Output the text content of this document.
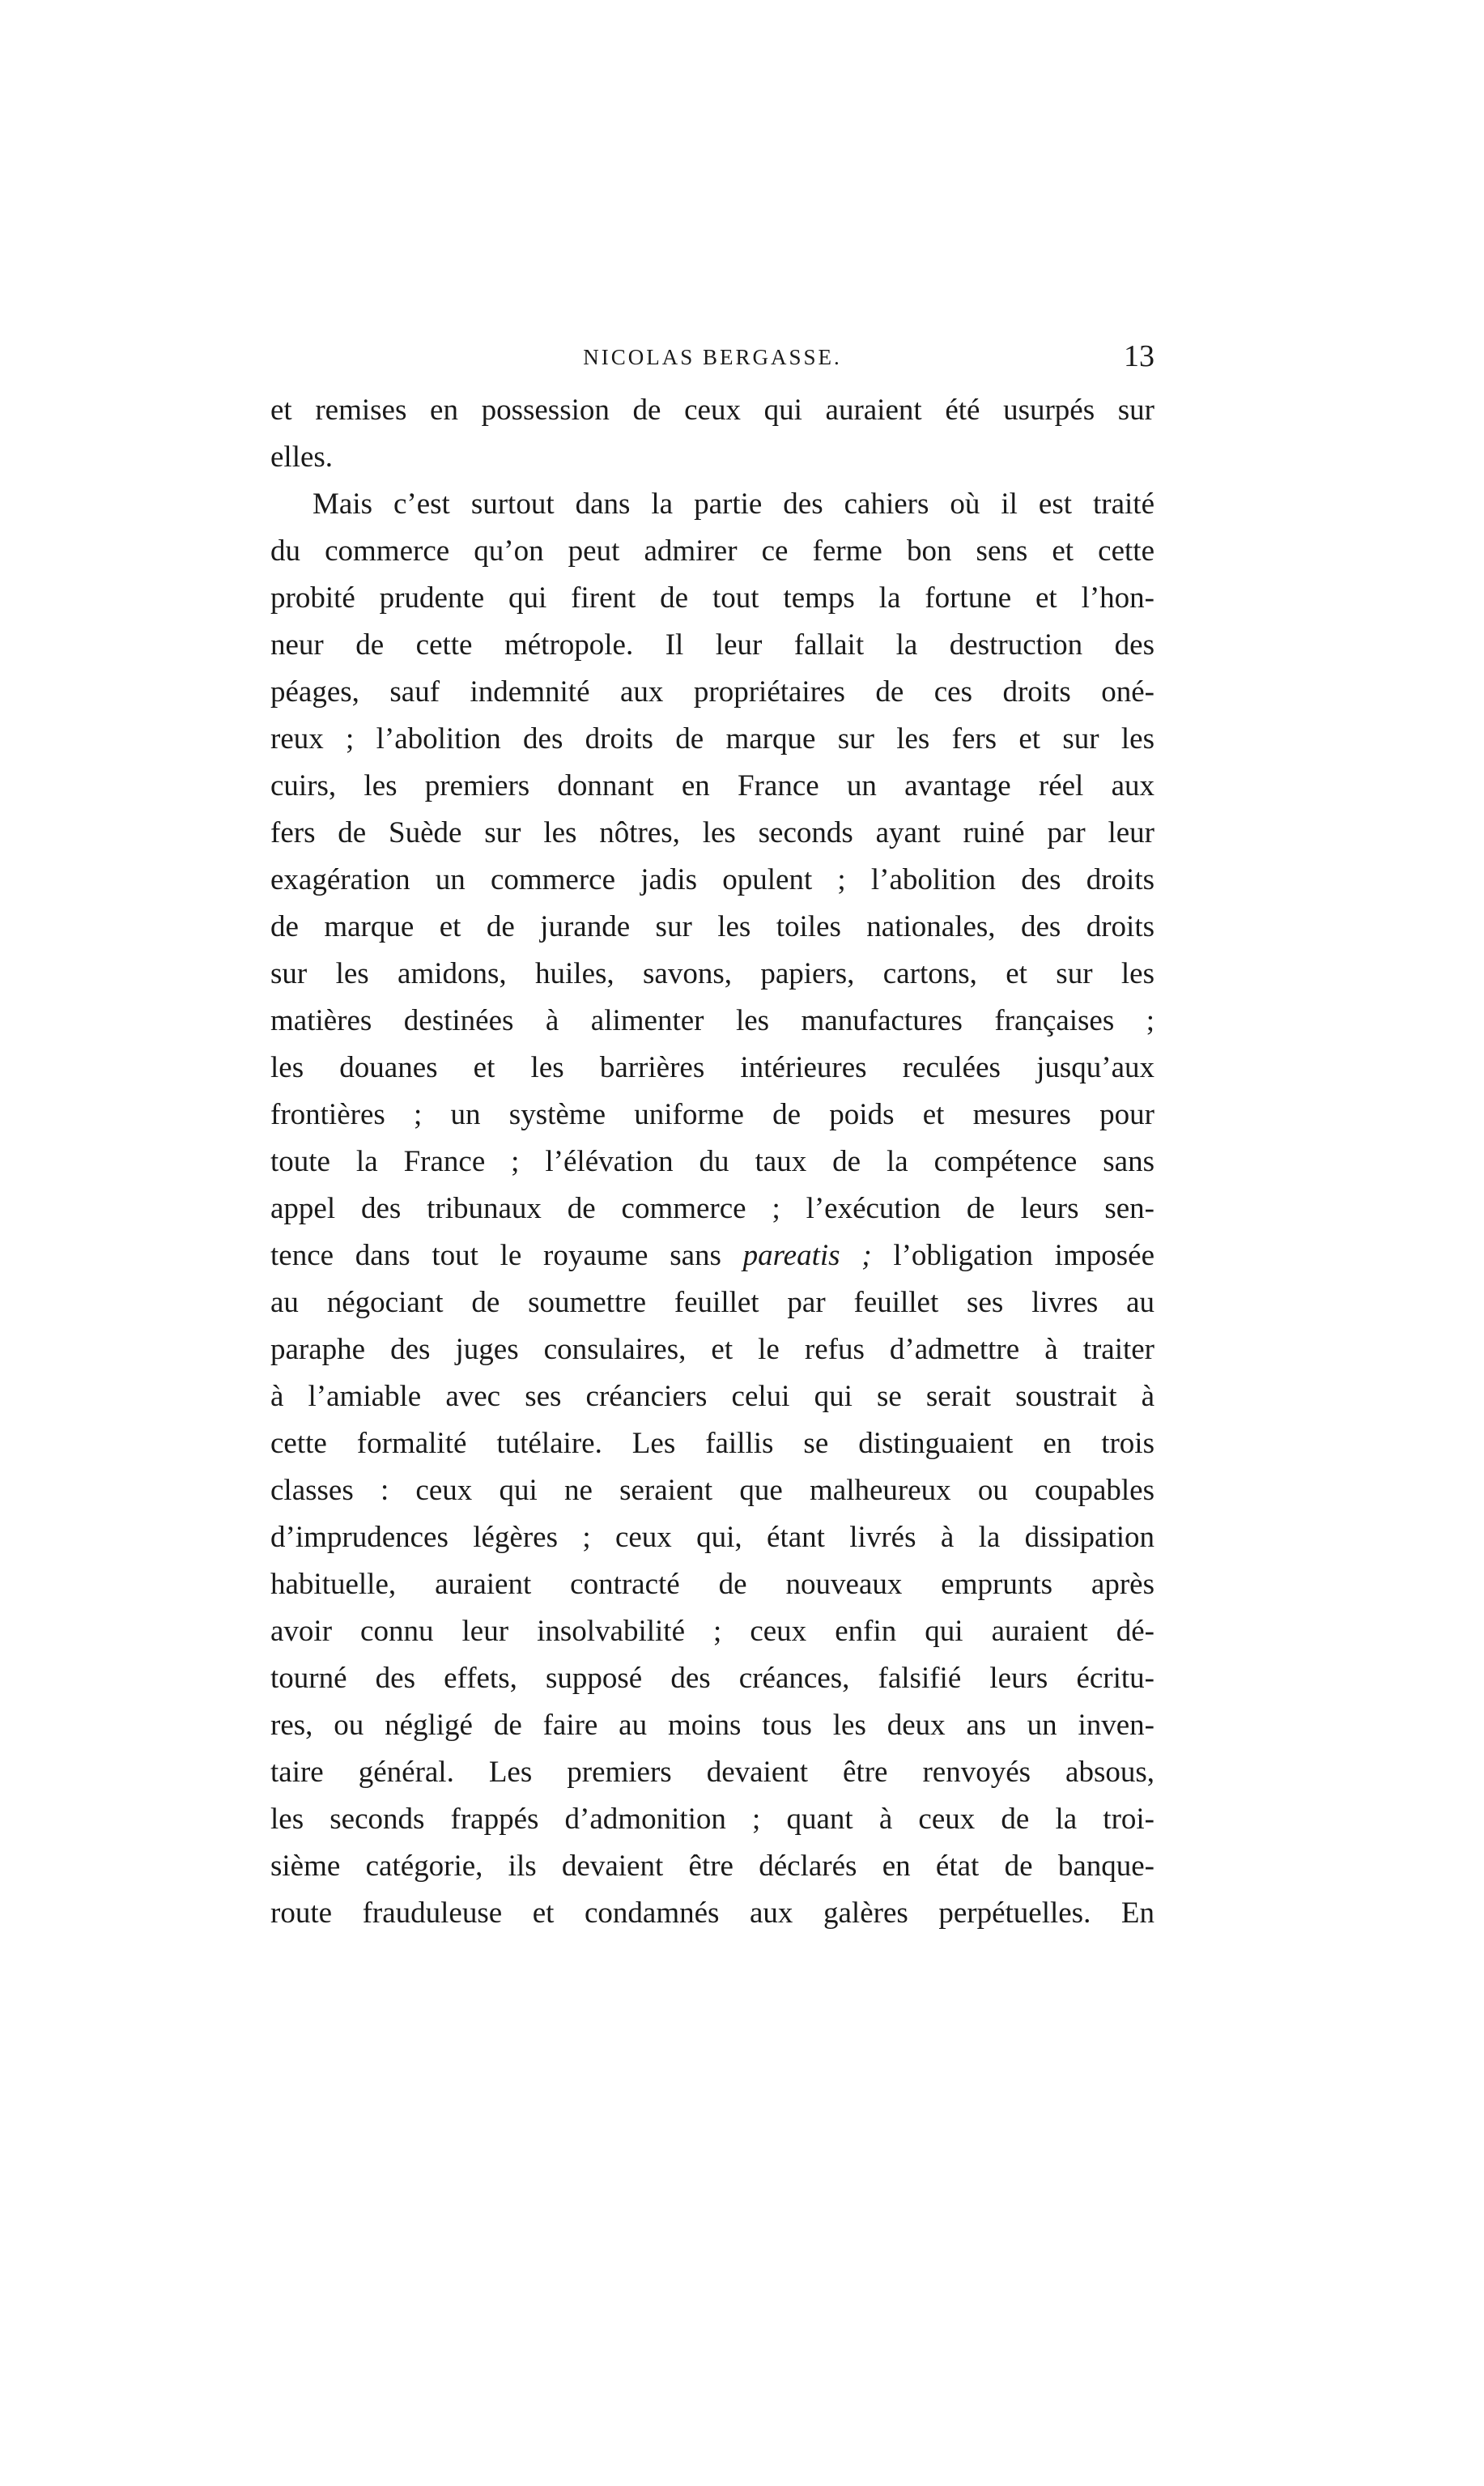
NICOLAS BERGASSE.	13
et remises en possession de ceux qui auraient été usurpés sur
elles.
Mais c’est surtout dans la partie des cahiers où il est traité
du commerce qu’on peut admirer ce ferme bon sens et cette
probité prudente qui firent de tout temps la fortune et l’hon-
neur de cette métropole. Il leur fallait la destruction des
péages, sauf indemnité aux propriétaires de ces droits oné-
reux ; l’abolition des droits de marque sur les fers et sur les
cuirs, les premiers donnant en France un avantage réel aux
fers de Suède sur les nôtres, les seconds ayant ruiné par leur
exagération un commerce jadis opulent ; l’abolition des droits
de marque et de jurande sur les toiles nationales, des droits
sur les amidons, huiles, savons, papiers, cartons, et sur les
matières destinées à alimenter les manufactures françaises ;
les douanes et les barrières intérieures reculées jusqu’aux
frontières ; un système uniforme de poids et mesures pour
toute la France ; l’élévation du taux de la compétence sans
appel des tribunaux de commerce ; l’exécution de leurs sen-
tence dans tout le royaume sans pareatis ; l’obligation imposée
au négociant de soumettre feuillet par feuillet ses livres au
paraphe des juges consulaires, et le refus d’admettre à traiter
à l’amiable avec ses créanciers celui qui se serait soustrait à
cette formalité tutélaire. Les faillis se distinguaient en trois
classes : ceux qui ne seraient que malheureux ou coupables
d’imprudences légères ; ceux qui, étant livrés à la dissipation
habituelle, auraient contracté de nouveaux emprunts après
avoir connu leur insolvabilité ; ceux enfin qui auraient dé-
tourné des effets, supposé des créances, falsifié leurs écritu-
res, ou négligé de faire au moins tous les deux ans un inven-
taire général. Les premiers devaient être renvoyés absous,
les seconds frappés d’admonition ; quant à ceux de la troi-
sième catégorie, ils devaient être déclarés en état de banque-
route frauduleuse et condamnés aux galères perpétuelles. En
